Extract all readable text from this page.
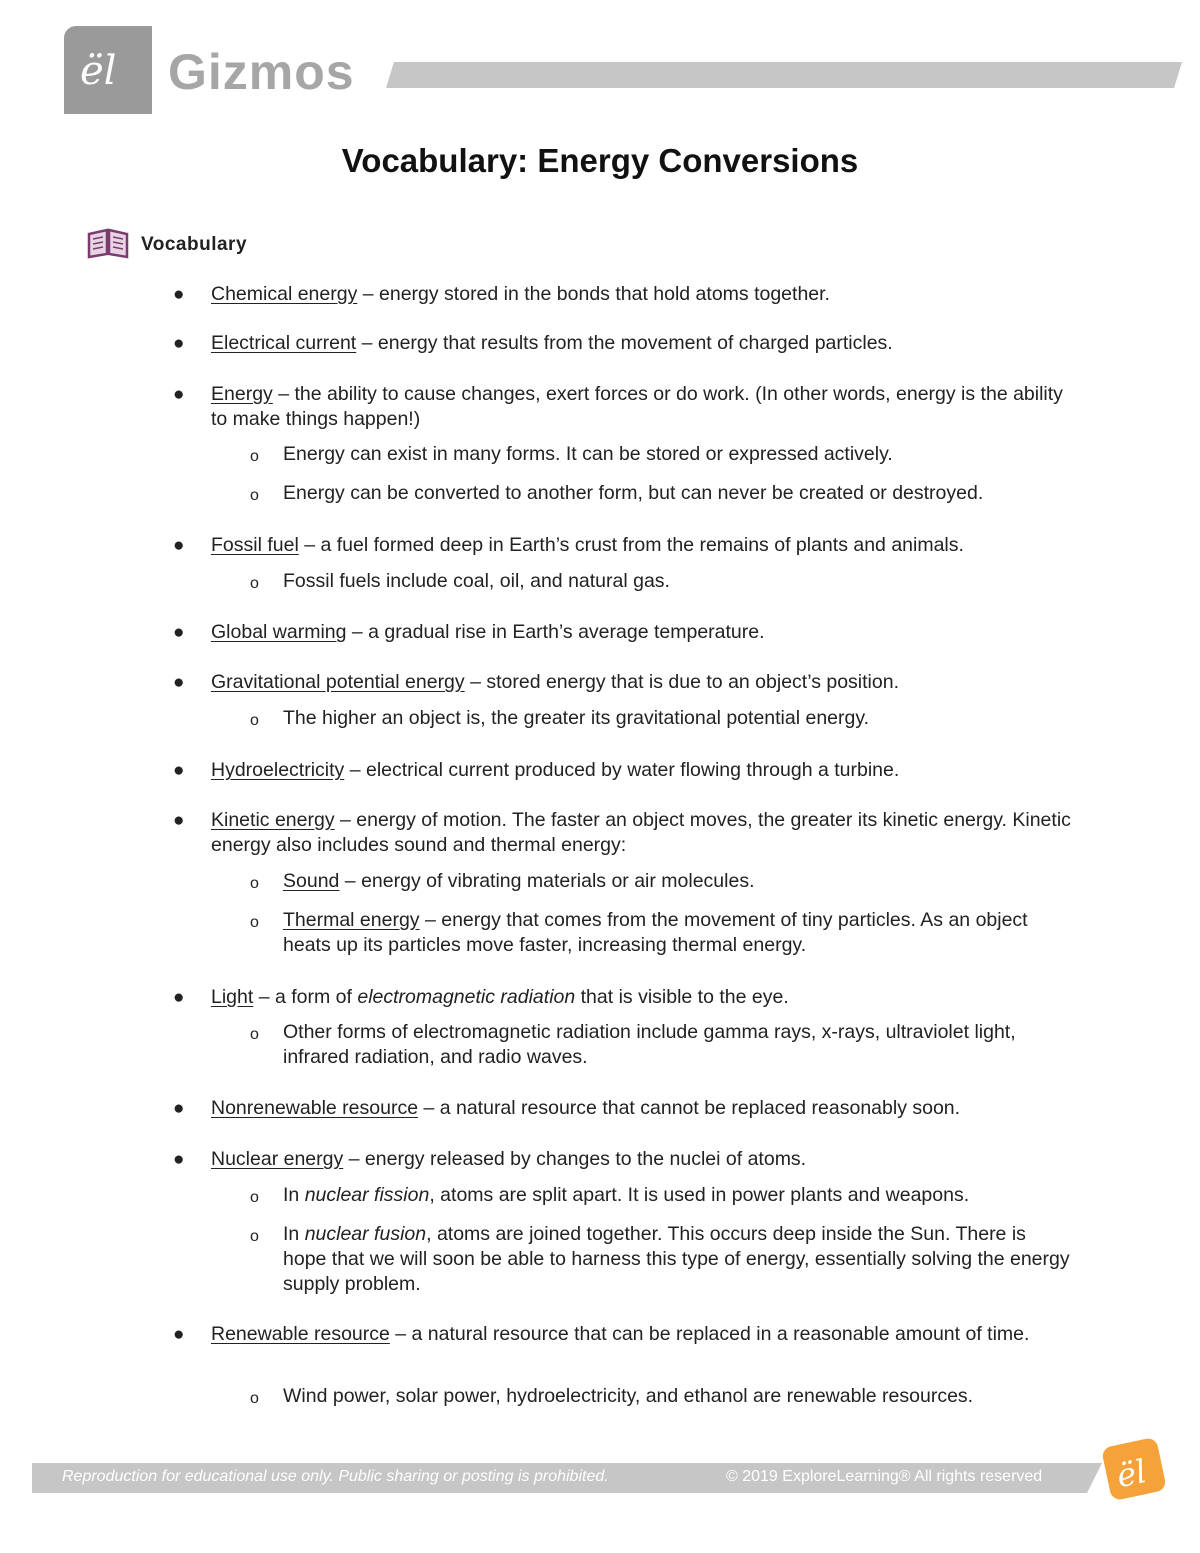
ël Gizmos
Vocabulary: Energy Conversions
Vocabulary
● Chemical energy – energy stored in the bonds that hold atoms together.
● Electrical current – energy that results from the movement of charged particles.
● Energy – the ability to cause changes, exert forces or do work. (In other words, energy is the ability to make things happen!)
o Energy can exist in many forms. It can be stored or expressed actively.
o Energy can be converted to another form, but can never be created or destroyed.
● Fossil fuel – a fuel formed deep in Earth’s crust from the remains of plants and animals.
o Fossil fuels include coal, oil, and natural gas.
● Global warming – a gradual rise in Earth’s average temperature.
● Gravitational potential energy – stored energy that is due to an object’s position.
o The higher an object is, the greater its gravitational potential energy.
● Hydroelectricity – electrical current produced by water flowing through a turbine.
● Kinetic energy – energy of motion. The faster an object moves, the greater its kinetic energy. Kinetic energy also includes sound and thermal energy:
o Sound – energy of vibrating materials or air molecules.
o Thermal energy – energy that comes from the movement of tiny particles. As an object heats up its particles move faster, increasing thermal energy.
● Light – a form of electromagnetic radiation that is visible to the eye.
o Other forms of electromagnetic radiation include gamma rays, x-rays, ultraviolet light, infrared radiation, and radio waves.
● Nonrenewable resource – a natural resource that cannot be replaced reasonably soon.
● Nuclear energy – energy released by changes to the nuclei of atoms.
o In nuclear fission, atoms are split apart. It is used in power plants and weapons.
o In nuclear fusion, atoms are joined together. This occurs deep inside the Sun. There is hope that we will soon be able to harness this type of energy, essentially solving the energy supply problem.
● Renewable resource – a natural resource that can be replaced in a reasonable amount of time.
o Wind power, solar power, hydroelectricity, and ethanol are renewable resources.
Reproduction for educational use only. Public sharing or posting is prohibited.	© 2019 ExploreLearning® All rights reserved ël
